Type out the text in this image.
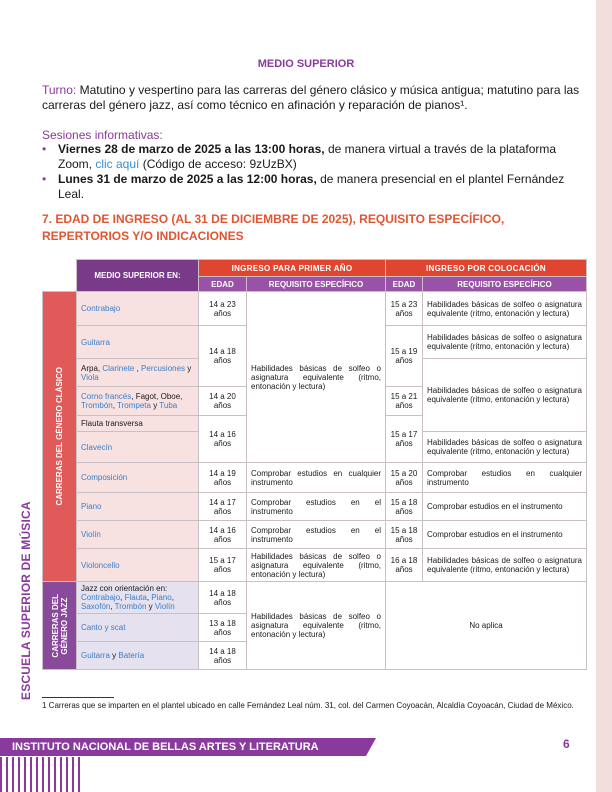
ESCUELA SUPERIOR DE MÚSICA
MEDIO SUPERIOR

Turno: Matutino y vespertino para las carreras del género clásico y música antigua; matutino para las carreras del género jazz, así como técnico en afinación y reparación de pianos¹.

Sesiones informativas:

• Viernes 28 de marzo de 2025 a las 13:00 horas, de manera virtual a través de la plataforma Zoom, clic aquí (Código de acceso: 9zUzBX)
• Lunes 31 de marzo de 2025 a las 12:00 horas, de manera presencial en el plantel Fernández Leal.
7. EDAD DE INGRESO (AL 31 DE DICIEMBRE DE 2025), REQUISITO ESPECÍFICO, REPERTORIOS Y/O INDICACIONES
	MEDIO SUPERIOR EN:	INGRESO PARA PRIMER AÑO		INGRESO POR COLOCACIÓN	
		EDAD	REQUISITO ESPECÍFICO	EDAD	REQUISITO ESPECÍFICO

CARRERAS DEL GÉNERO CLÁSICO	Contrabajo	14 a 23 años	Habilidades básicas de solfeo o asignatura equivalente (ritmo, entonación y lectura)	15 a 23 años	Habilidades básicas de solfeo o asignatura equivalente (ritmo, entonación y lectura)
	Guitarra	14 a 18 años		15 a 19 años	Habilidades básicas de solfeo o asignatura equivalente (ritmo, entonación y lectura)
	Arpa, Clarinete , Percusiones y Viola				Habilidades básicas de solfeo o asignatura equivalente (ritmo, entonación y lectura)
	Corno francés, Fagot, Oboe, Trombón, Trompeta y Tuba	14 a 20 años		15 a 21 años	
	Flauta transversa	14 a 16 años		15 a 17 años	
	Clavecín				Habilidades básicas de solfeo o asignatura equivalente (ritmo, entonación y lectura)
	Composición	14 a 19 años	Comprobar estudios en cualquier instrumento	15 a 20 años	Comprobar estudios en cualquier instrumento
	Piano	14 a 17 años	Comprobar estudios en el instrumento	15 a 18 años	Comprobar estudios en el instrumento
	Violín	14 a 16 años	Comprobar estudios en el instrumento	15 a 18 años	Comprobar estudios en el instrumento
	Violoncello	15 a 17 años	Habilidades básicas de solfeo o asignatura equivalente (ritmo, entonación y lectura)	16 a 18 años	Habilidades básicas de solfeo o asignatura equivalente (ritmo, entonación y lectura)

CARRERAS DEL
GÉNERO JAZZ	Jazz con orientación en: Contrabajo, Flauta, Piano, Saxofón, Trombón y Violín	14 a 18 años	Habilidades básicas de solfeo o asignatura equivalente (ritmo, entonación y lectura)	No aplica	
	Canto y scat	13 a 18 años			
	Guitarra y Batería	14 a 18 años			

1 Carreras que se imparten en el plantel ubicado en calle Fernández Leal núm. 31, col. del Carmen Coyoacán, Alcaldía Coyoacán, Ciudad de México.

INSTITUTO NACIONAL DE BELLAS ARTES Y LITERATURA	6
